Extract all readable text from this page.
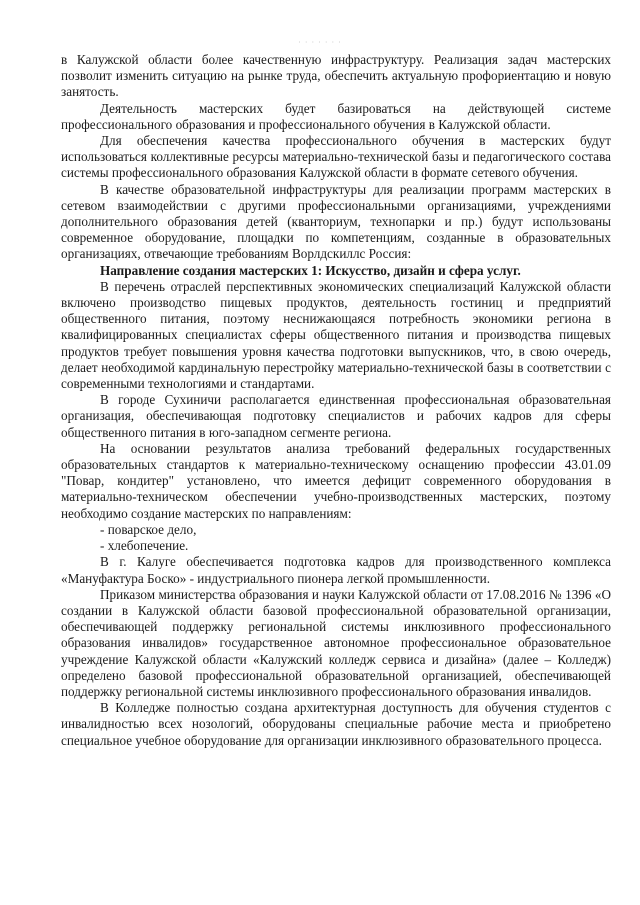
· · · · · · ·

в Калужской области более качественную инфраструктуру. Реализация задач мастерских позволит изменить ситуацию на рынке труда, обеспечить актуальную профориентацию и новую занятость.

Деятельность мастерских будет базироваться на действующей системе профессионального образования и профессионального обучения в Калужской области.

Для обеспечения качества профессионального обучения в мастерских будут использоваться коллективные ресурсы материально-технической базы и педагогического состава системы профессионального образования Калужской области в формате сетевого обучения.

В качестве образовательной инфраструктуры для реализации программ мастерских в сетевом взаимодействии с другими профессиональными организациями, учреждениями дополнительного образования детей (кванториум, технопарки и пр.) будут использованы современное оборудование, площадки по компетенциям, созданные в образовательных организациях, отвечающие требованиям Ворлдскиллс Россия:

Направление создания мастерских 1: Искусство, дизайн и сфера услуг.

В перечень отраслей перспективных экономических специализаций Калужской области включено производство пищевых продуктов, деятельность гостиниц и предприятий общественного питания, поэтому неснижающаяся потребность экономики региона в квалифицированных специалистах сферы общественного питания и производства пищевых продуктов требует повышения уровня качества подготовки выпускников, что, в свою очередь, делает необходимой кардинальную перестройку материально-технической базы в соответствии с современными технологиями и стандартами.

В городе Сухиничи располагается единственная профессиональная образовательная организация, обеспечивающая подготовку специалистов и рабочих кадров для сферы общественного питания в юго-западном сегменте региона.

На основании результатов анализа требований федеральных государственных образовательных стандартов к материально-техническому оснащению профессии 43.01.09 "Повар, кондитер" установлено, что имеется дефицит современного оборудования в материально-техническом обеспечении учебно-производственных мастерских, поэтому необходимо создание мастерских по направлениям:

- поварское дело,

- хлебопечение.

В г. Калуге обеспечивается подготовка кадров для производственного комплекса «Мануфактура Боско» - индустриального пионера легкой промышленности.

Приказом министерства образования и науки Калужской области от 17.08.2016 № 1396 «О создании в Калужской области базовой профессиональной образовательной организации, обеспечивающей поддержку региональной системы инклюзивного профессионального образования инвалидов» государственное автономное профессиональное образовательное учреждение Калужской области «Калужский колледж сервиса и дизайна» (далее – Колледж) определено базовой профессиональной образовательной организацией, обеспечивающей поддержку региональной системы инклюзивного профессионального образования инвалидов.

В Колледже полностью создана архитектурная доступность для обучения студентов с инвалидностью всех нозологий, оборудованы специальные рабочие места и приобретено специальное учебное оборудование для организации инклюзивного образовательного процесса.
